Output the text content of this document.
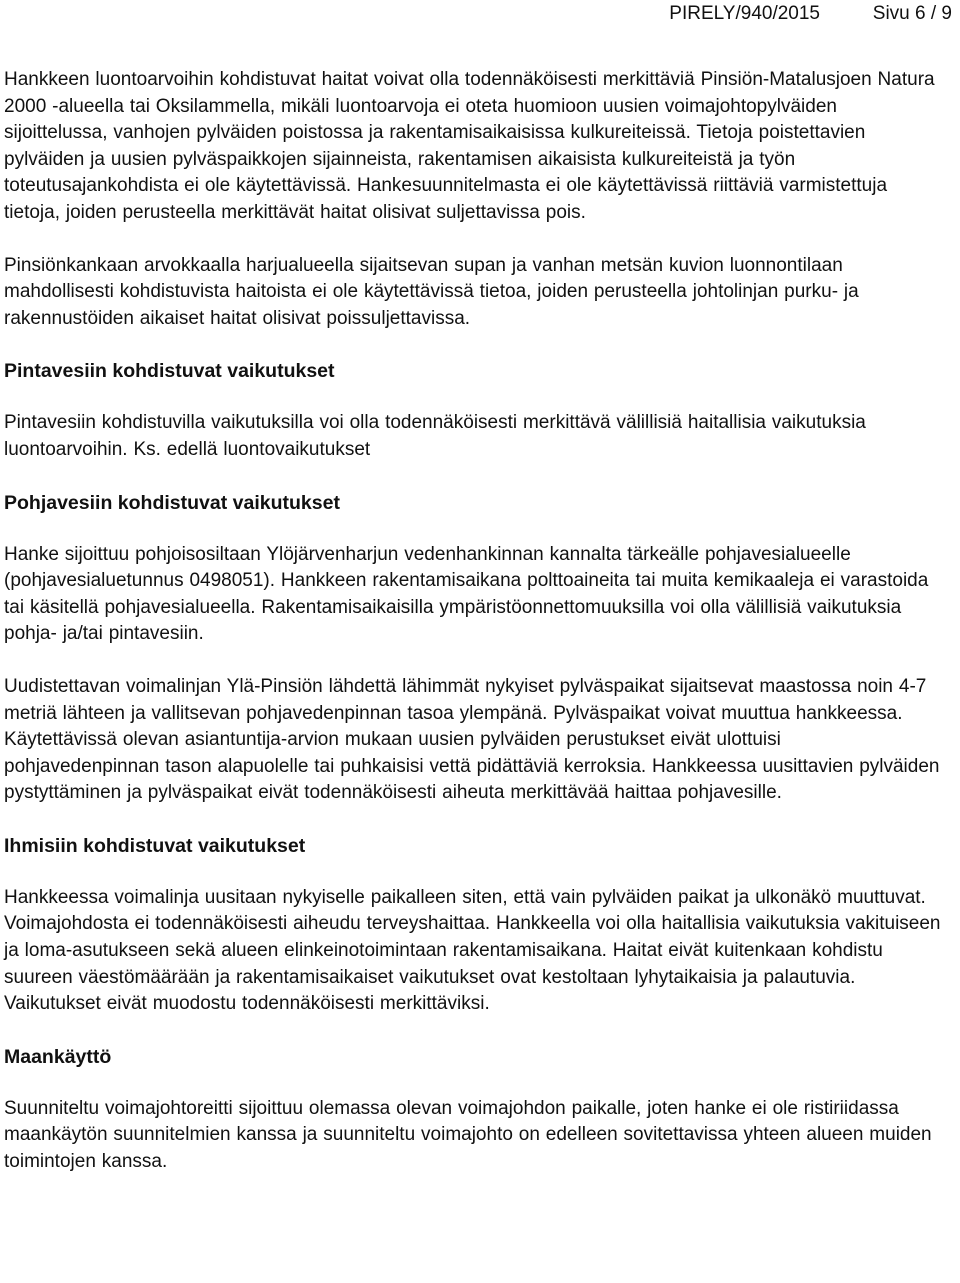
PIRELY/940/2015	Sivu 6 / 9

Hankkeen luontoarvoihin kohdistuvat haitat voivat olla todennäköisesti merkittäviä Pinsiön-Matalusjoen Natura 2000 -alueella tai Oksilammella, mikäli luontoarvoja ei oteta huomioon uusien voimajohtopylväiden sijoittelussa, vanhojen pylväiden poistossa ja rakentamisaikaisissa kulkureiteissä. Tietoja poistettavien pylväiden ja uusien pylväspaikkojen sijainneista, rakentamisen aikaisista kulkureiteistä ja työn toteutusajankohdista ei ole käytettävissä. Hankesuunnitelmasta ei ole käytettävissä riittäviä varmistettuja tietoja, joiden perusteella merkittävät haitat olisivat suljettavissa pois.

Pinsiönkankaan arvokkaalla harjualueella sijaitsevan supan ja vanhan metsän kuvion luonnontilaan mahdollisesti kohdistuvista haitoista ei ole käytettävissä tietoa, joiden perusteella johtolinjan purku- ja rakennustöiden aikaiset haitat olisivat poissuljettavissa.

Pintavesiin kohdistuvat vaikutukset

Pintavesiin kohdistuvilla vaikutuksilla voi olla todennäköisesti merkittävä välillisiä haitallisia vaikutuksia luontoarvoihin. Ks. edellä luontovaikutukset

Pohjavesiin kohdistuvat vaikutukset

Hanke sijoittuu pohjoisosiltaan Ylöjärvenharjun vedenhankinnan kannalta tärkeälle pohjavesialueelle (pohjavesialuetunnus 0498051). Hankkeen rakentamisaikana polttoaineita tai muita kemikaaleja ei varastoida tai käsitellä pohjavesialueella. Rakentamisaikaisilla ympäristöonnettomuuksilla voi olla välillisiä vaikutuksia pohja- ja/tai pintavesiin.

Uudistettavan voimalinjan Ylä-Pinsiön lähdettä lähimmät nykyiset pylväspaikat sijaitsevat maastossa noin 4-7 metriä lähteen ja vallitsevan pohjavedenpinnan tasoa ylempänä. Pylväspaikat voivat muuttua hankkeessa. Käytettävissä olevan asiantuntija-arvion mukaan uusien pylväiden perustukset eivät ulottuisi pohjavedenpinnan tason alapuolelle tai puhkaisisi vettä pidättäviä kerroksia. Hankkeessa uusittavien pylväiden pystyttäminen ja pylväspaikat eivät todennäköisesti aiheuta merkittävää haittaa pohjavesille.

Ihmisiin kohdistuvat vaikutukset

Hankkeessa voimalinja uusitaan nykyiselle paikalleen siten, että vain pylväiden paikat ja ulkonäkö muuttuvat. Voimajohdosta ei todennäköisesti aiheudu terveyshaittaa. Hankkeella voi olla haitallisia vaikutuksia vakituiseen ja loma-asutukseen sekä alueen elinkeinotoimintaan rakentamisaikana. Haitat eivät kuitenkaan kohdistu suureen väestömäärään ja rakentamisaikaiset vaikutukset ovat kestoltaan lyhytaikaisia ja palautuvia. Vaikutukset eivät muodostu todennäköisesti merkittäviksi.

Maankäyttö

Suunniteltu voimajohtoreitti sijoittuu olemassa olevan voimajohdon paikalle, joten hanke ei ole ristiriidassa maankäytön suunnitelmien kanssa ja suunniteltu voimajohto on edelleen sovitettavissa yhteen alueen muiden toimintojen kanssa.
